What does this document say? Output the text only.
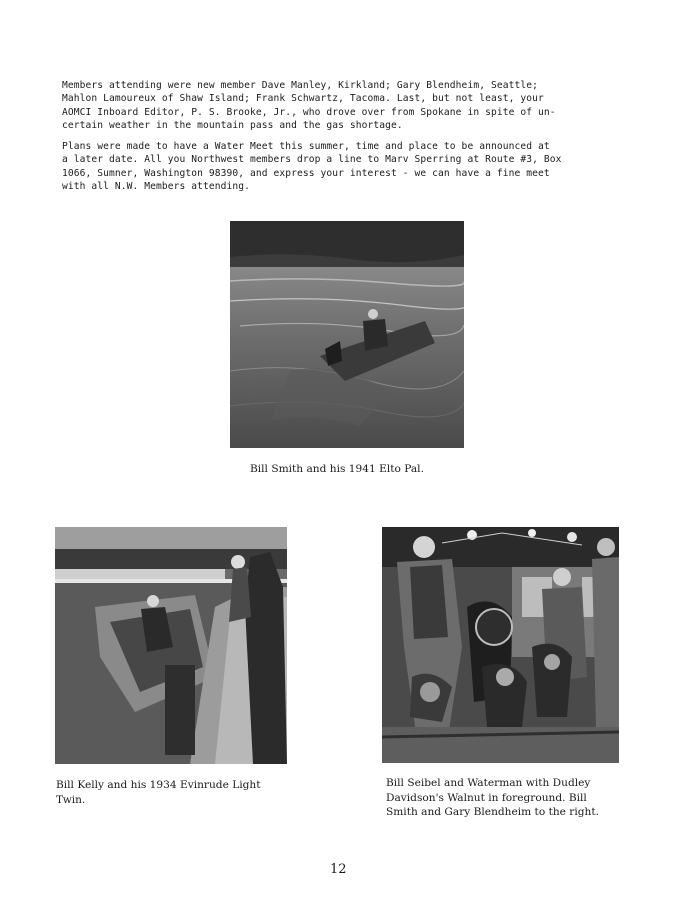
Members attending were new member Dave Manley, Kirkland; Gary Blendheim, Seattle;
Mahlon Lamoureux of Shaw Island; Frank Schwartz, Tacoma. Last, but not least, your
AOMCI Inboard Editor, P. S. Brooke, Jr., who drove over from Spokane in spite of un-
certain weather in the mountain pass and the gas shortage.
Plans were made to have a Water Meet this summer, time and place to be announced at
a later date. All you Northwest members drop a line to Marv Sperring at Route #3, Box
1066, Sumner, Washington 98390, and express your interest - we can have a fine meet
with all N.W. Members attending.
Bill Smith and his 1941 Elto Pal.
Bill Kelly and his 1934 Evinrude Light
Twin.
Bill Seibel and Waterman with Dudley
Davidson's Walnut in foreground. Bill
Smith and Gary Blendheim to the right.
12
